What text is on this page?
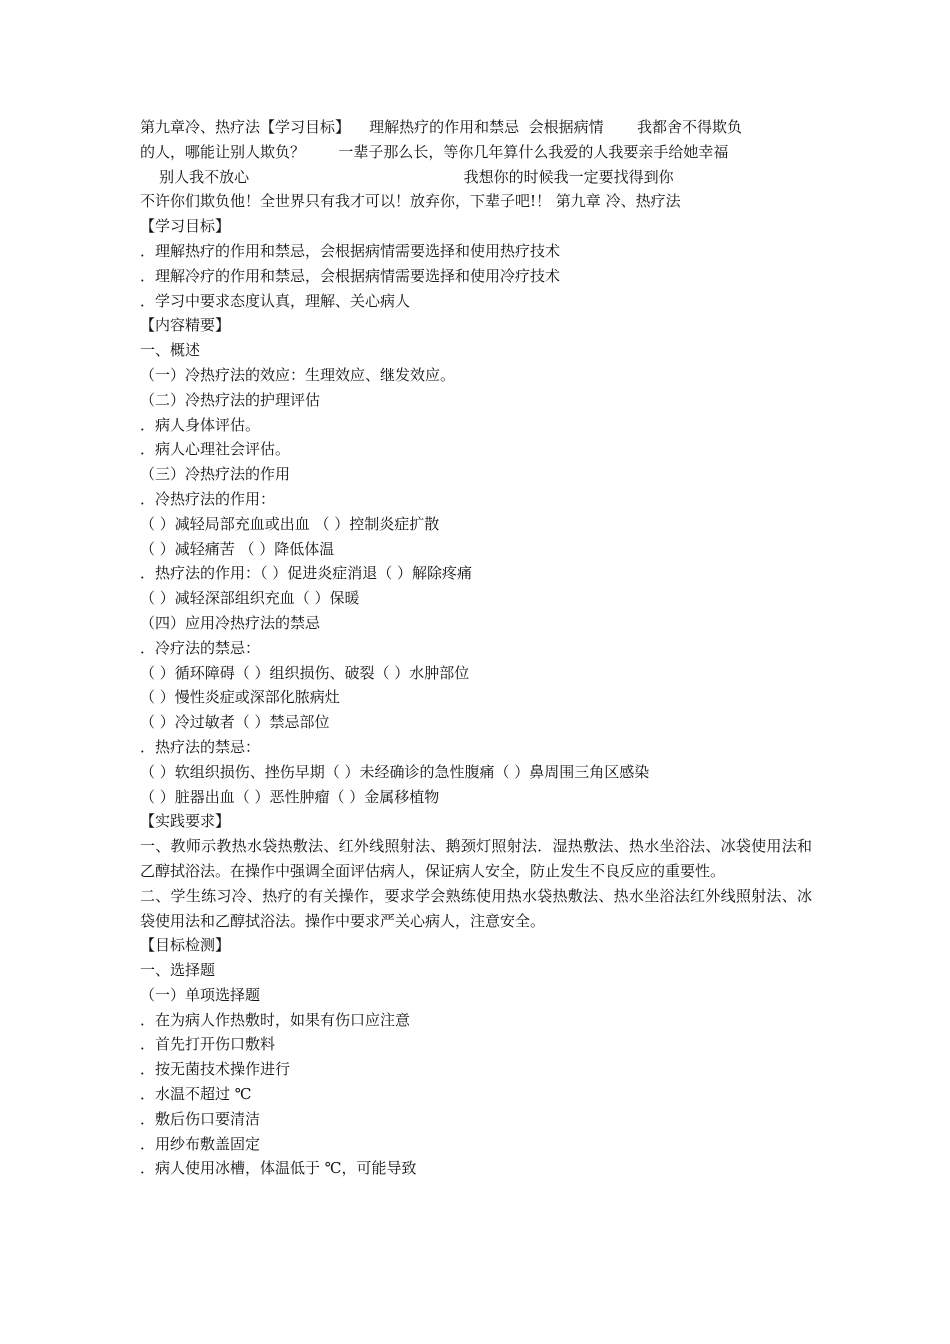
第九章冷、热疗法【学习目标】    理解热疗的作用和禁忌  会根据病情       我都舍不得欺负
的人，哪能让别人欺负？       一辈子那么长，等你几年算什么我爱的人我要亲手给她幸福
别人我不放心                                             我想你的时候我一定要找得到你
不许你们欺负他！全世界只有我才可以！放弃你，下辈子吧!！ 第九章 冷、热疗法
【学习目标】
．理解热疗的作用和禁忌，会根据病情需要选择和使用热疗技术
．理解冷疗的作用和禁忌，会根据病情需要选择和使用冷疗技术
．学习中要求态度认真，理解、关心病人
【内容精要】
一、概述
（一）冷热疗法的效应：生理效应、继发效应。
（二）冷热疗法的护理评估
．病人身体评估。
．病人心理社会评估。
（三）冷热疗法的作用
．冷热疗法的作用：
（ ）减轻局部充血或出血 （ ）控制炎症扩散
（ ）减轻痛苦 （ ）降低体温
．热疗法的作用：（ ）促进炎症消退（ ）解除疼痛
（ ）减轻深部组织充血（ ）保暖
（四）应用冷热疗法的禁忌
．冷疗法的禁忌：
（ ）循环障碍（ ）组织损伤、破裂（ ）水肿部位
（ ）慢性炎症或深部化脓病灶
（ ）冷过敏者（ ）禁忌部位
．热疗法的禁忌：
（ ）软组织损伤、挫伤早期（ ）未经确诊的急性腹痛（ ）鼻周围三角区感染
（ ）脏器出血（ ）恶性肿瘤（ ）金属移植物
【实践要求】
一、教师示教热水袋热敷法、红外线照射法、鹅颈灯照射法．湿热敷法、热水坐浴法、冰袋使用法和乙醇拭浴法。在操作中强调全面评估病人，保证病人安全，防止发生不良反应的重要性。
二、学生练习冷、热疗的有关操作，要求学会熟练使用热水袋热敷法、热水坐浴法红外线照射法、冰袋使用法和乙醇拭浴法。操作中要求严关心病人，注意安全。
【目标检测】
一、选择题
（一）单项选择题
．在为病人作热敷时，如果有伤口应注意
．首先打开伤口敷料
．按无菌技术操作进行
．水温不超过 ℃
．敷后伤口要清洁
．用纱布敷盖固定
．病人使用冰槽，体温低于 ℃，可能导致
